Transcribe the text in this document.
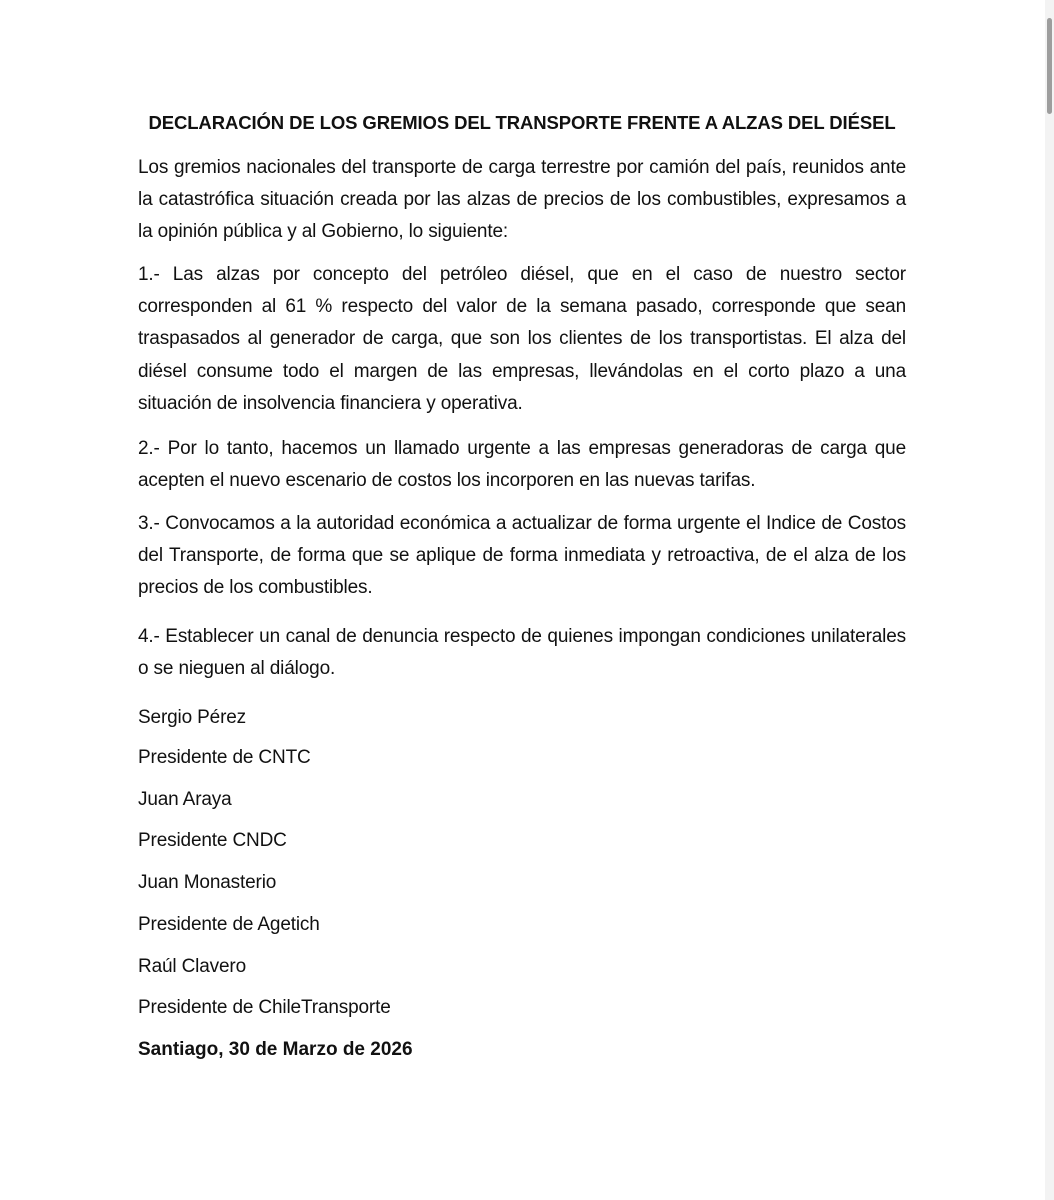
DECLARACIÓN DE LOS GREMIOS DEL TRANSPORTE FRENTE A ALZAS DEL DIÉSEL

Los gremios nacionales del transporte de carga terrestre por camión del país, reunidos ante la catastrófica situación creada por las alzas de precios de los combustibles, expresamos a la opinión pública y al Gobierno, lo siguiente:

1.- Las alzas por concepto del petróleo diésel, que en el caso de nuestro sector corresponden al 61 % respecto del valor de la semana pasado, corresponde que sean traspasados al generador de carga, que son los clientes de los transportistas. El alza del diésel consume todo el margen de las empresas, llevándolas en el corto plazo a una situación de insolvencia financiera y operativa.

2.- Por lo tanto, hacemos un llamado urgente a las empresas generadoras de carga que acepten el nuevo escenario de costos los incorporen en las nuevas tarifas.

3.- Convocamos a la autoridad económica a actualizar de forma urgente el Indice de Costos del Transporte, de forma que se aplique de forma inmediata y retroactiva, de el alza de los precios de los combustibles.

4.- Establecer un canal de denuncia respecto de quienes impongan condiciones unilaterales o se nieguen al diálogo.

Sergio Pérez

Presidente de CNTC

Juan Araya

Presidente CNDC

Juan Monasterio

Presidente de Agetich

Raúl Clavero

Presidente de ChileTransporte

Santiago, 30 de Marzo de 2026
